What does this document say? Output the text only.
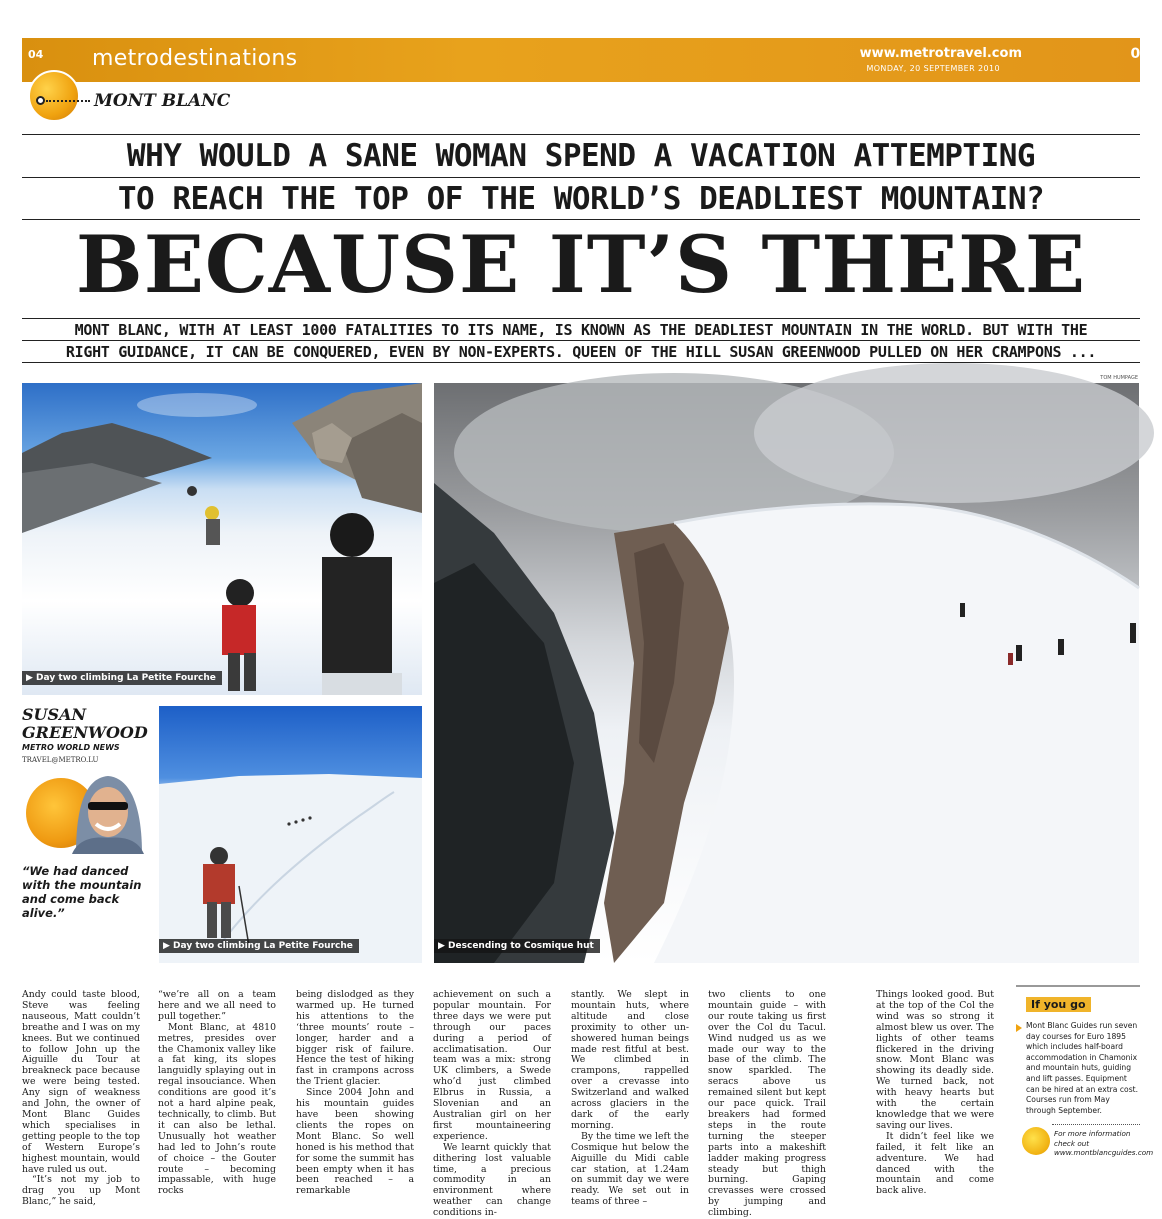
metrodestinations	www.metrotravel.com
MONDAY, 20 SEPTEMBER 2010
04	05
MONT BLANC
WHY WOULD A SANE WOMAN SPEND A VACATION ATTEMPTING
TO REACH THE TOP OF THE WORLD’S DEADLIEST MOUNTAIN?
BECAUSE IT’S THERE
MONT BLANC, WITH AT LEAST 1000 FATALITIES TO ITS NAME, IS KNOWN AS THE DEADLIEST MOUNTAIN IN THE WORLD. BUT WITH THE
RIGHT GUIDANCE, IT CAN BE CONQUERED, EVEN BY NON-EXPERTS. QUEEN OF THE HILL SUSAN GREENWOOD PULLED ON HER CRAMPONS ...
TOM HUMPAGE
▶ Day two climbing La Petite Fourche
SUSAN
GREENWOOD
METRO WORLD NEWS
TRAVEL@METRO.LU
“We had danced with the mountain and come back alive.”
▶ Day two climbing La Petite Fourche	▶ Descending to Cosmique hut

Andy could taste blood, Steve was feeling nauseous, Matt couldn’t breathe and I was on my knees. But we continued to follow John up the Aiguille du Tour at breakneck pace because we were being tested. Any sign of weakness and John, the owner of Mont Blanc Guides which specialises in getting people to the top of Western Europe’s highest mountain, would have ruled us out.

“It’s not my job to drag you up Mont Blanc,” he said,

“we’re all on a team here and we all need to pull together.”

Mont Blanc, at 4810 metres, presides over the Chamonix valley like a fat king, its slopes languidly splaying out in regal insouciance. When conditions are good it’s not a hard alpine peak, technically, to climb. But it can also be lethal. Unusually hot weather had led to John’s route of choice – the Gouter route – becoming impassable, with huge rocks

being dislodged as they warmed up. He turned his attentions to the ‘three mounts’ route – longer, harder and a bigger risk of failure. Hence the test of hiking fast in crampons across the Trient glacier.

Since 2004 John and his mountain guides have been showing clients the ropes on Mont Blanc. So well honed is his method that for some the summit has been empty when it has been reached – a remarkable

achievement on such a popular mountain. For three days we were put through our paces during a period of acclimatisation. Our team was a mix: strong UK climbers, a Swede who’d just climbed Elbrus in Russia, a Slovenian and an Australian girl on her first mountaineering experience.

We learnt quickly that dithering lost valuable time, a precious commodity in an environment where weather can change conditions in-

stantly. We slept in mountain huts, where altitude and close proximity to other un-showered human beings made rest fitful at best. We climbed in crampons, rappelled over a crevasse into Switzerland and walked across glaciers in the dark of the early morning.

By the time we left the Cosmique hut below the Aiguille du Midi cable car station, at 1.24am on summit day we were ready. We set out in teams of three –

two clients to one mountain guide – with our route taking us first over the Col du Tacul. Wind nudged us as we made our way to the base of the climb. The snow sparkled. The seracs above us remained silent but kept our pace quick. Trail breakers had formed steps in the route turning the steeper parts into a makeshift ladder making progress steady but thigh burning. Gaping crevasses were crossed by jumping and climbing.

Things looked good. But at the top of the Col the wind was so strong it almost blew us over. The lights of other teams flickered in the driving snow. Mont Blanc was showing its deadly side. We turned back, not with heavy hearts but with the certain knowledge that we were saving our lives.

It didn’t feel like we failed, it felt like an adventure. We had danced with the mountain and come back alive.

If you go
Mont Blanc Guides run seven day courses for Euro 1895 which includes half-board accommodation in Chamonix and mountain huts, guiding and lift passes. Equipment can be hired at an extra cost. Courses run from May through September.
For more information check out www.montblancguides.com
